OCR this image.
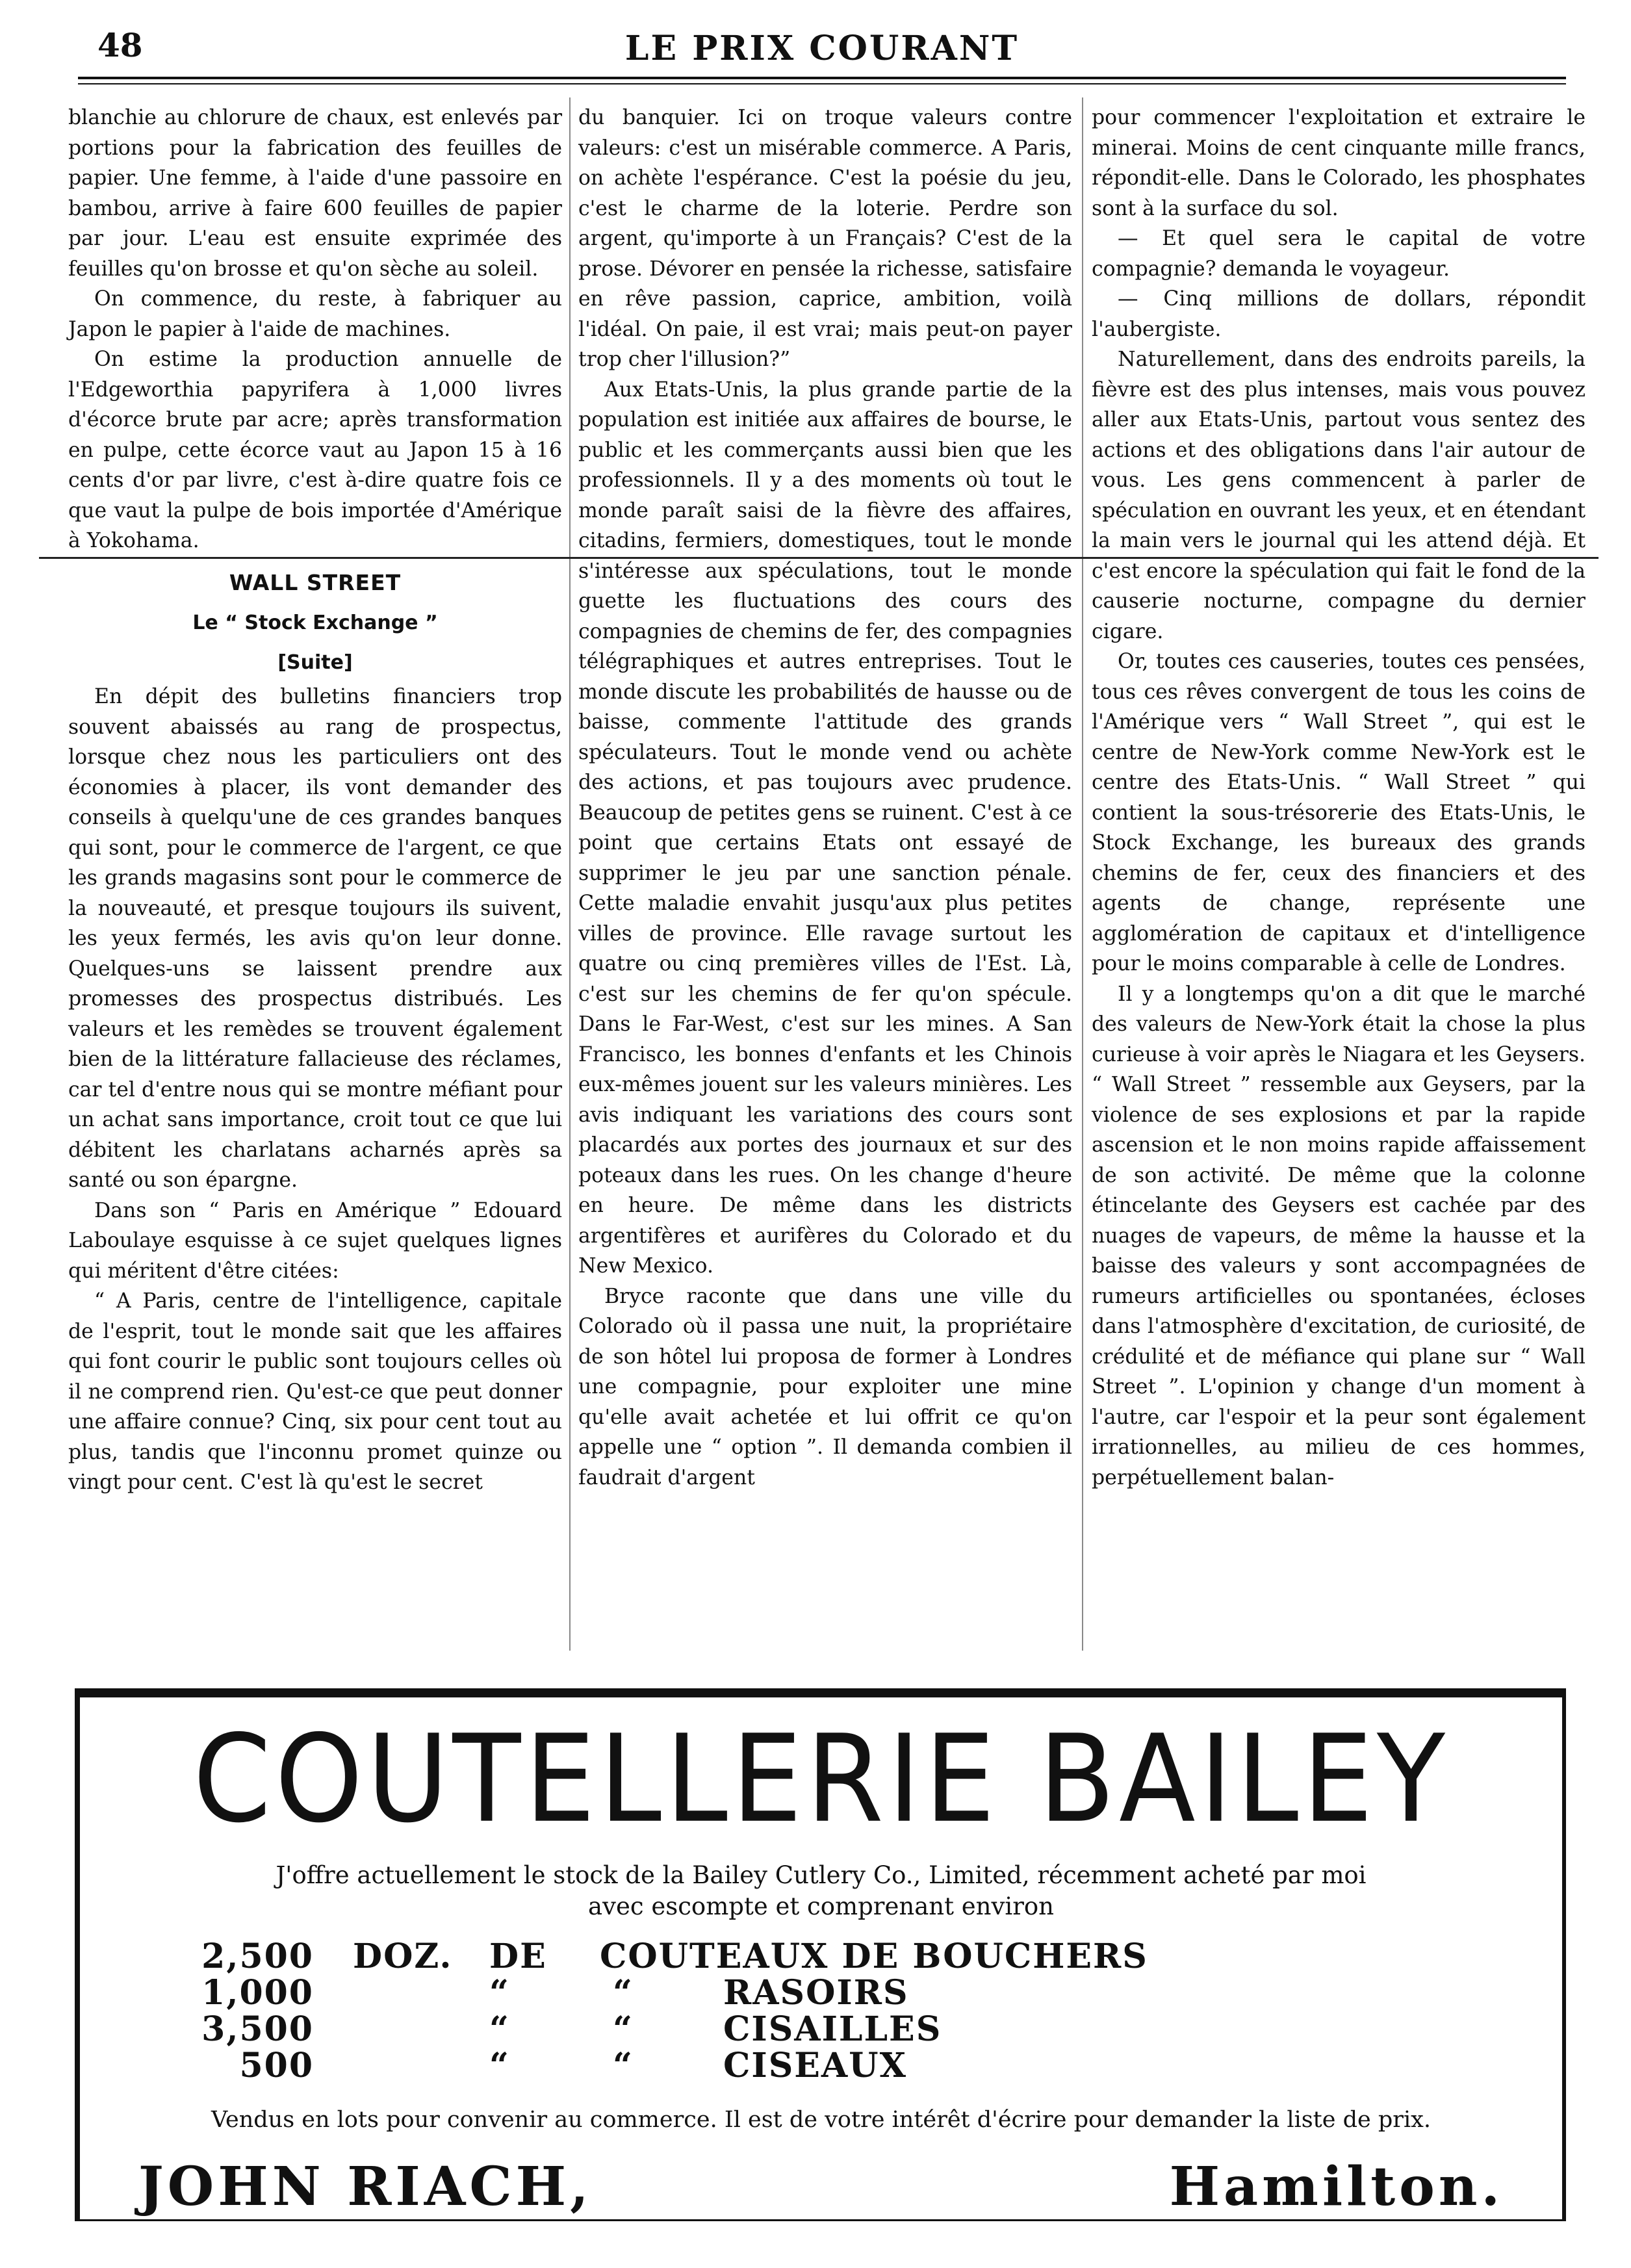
48	LE PRIX COURANT

blanchie au chlorure de chaux, est enlevés par portions pour la fabrication des feuilles de papier. Une femme, à l'aide d'une passoire en bambou, arrive à faire 600 feuilles de papier par jour. L'eau est ensuite exprimée des feuilles qu'on brosse et qu'on sèche au soleil.

On commence, du reste, à fabriquer au Japon le papier à l'aide de machines.

On estime la production annuelle de l'Edgeworthia papyrifera à 1,000 livres d'écorce brute par acre; après transformation en pulpe, cette écorce vaut au Japon 15 à 16 cents d'or par livre, c'est à-dire quatre fois ce que vaut la pulpe de bois importée d'Amérique à Yokohama.

WALL STREET
Le “ Stock Exchange ”
[Suite]

En dépit des bulletins financiers trop souvent abaissés au rang de prospectus, lorsque chez nous les particuliers ont des économies à placer, ils vont demander des conseils à quelqu'une de ces grandes banques qui sont, pour le commerce de l'argent, ce que les grands magasins sont pour le commerce de la nouveauté, et presque toujours ils suivent, les yeux fermés, les avis qu'on leur donne. Quelques-uns se laissent prendre aux promesses des prospectus distribués. Les valeurs et les remèdes se trouvent également bien de la littérature fallacieuse des réclames, car tel d'entre nous qui se montre méfiant pour un achat sans importance, croit tout ce que lui débitent les charlatans acharnés après sa santé ou son épargne.

Dans son “ Paris en Amérique ” Edouard Laboulaye esquisse à ce sujet quelques lignes qui méritent d'être citées:

“ A Paris, centre de l'intelligence, capitale de l'esprit, tout le monde sait que les affaires qui font courir le public sont toujours celles où il ne comprend rien. Qu'est-ce que peut donner une affaire connue? Cinq, six pour cent tout au plus, tandis que l'inconnu promet quinze ou vingt pour cent. C'est là qu'est le secret

du banquier. Ici on troque valeurs contre valeurs: c'est un misérable commerce. A Paris, on achète l'espérance. C'est la poésie du jeu, c'est le charme de la loterie. Perdre son argent, qu'importe à un Français? C'est de la prose. Dévorer en pensée la richesse, satisfaire en rêve passion, caprice, ambition, voilà l'idéal. On paie, il est vrai; mais peut-on payer trop cher l'illusion?”

Aux Etats-Unis, la plus grande partie de la population est initiée aux affaires de bourse, le public et les commerçants aussi bien que les professionnels. Il y a des moments où tout le monde paraît saisi de la fièvre des affaires, citadins, fermiers, domestiques, tout le monde s'intéresse aux spéculations, tout le monde guette les fluctuations des cours des compagnies de chemins de fer, des compagnies télégraphiques et autres entreprises. Tout le monde discute les probabilités de hausse ou de baisse, commente l'attitude des grands spéculateurs. Tout le monde vend ou achète des actions, et pas toujours avec prudence. Beaucoup de petites gens se ruinent. C'est à ce point que certains Etats ont essayé de supprimer le jeu par une sanction pénale. Cette maladie envahit jusqu'aux plus petites villes de province. Elle ravage surtout les quatre ou cinq premières villes de l'Est. Là, c'est sur les chemins de fer qu'on spécule. Dans le Far-West, c'est sur les mines. A San Francisco, les bonnes d'enfants et les Chinois eux-mêmes jouent sur les valeurs minières. Les avis indiquant les variations des cours sont placardés aux portes des journaux et sur des poteaux dans les rues. On les change d'heure en heure. De même dans les districts argentifères et aurifères du Colorado et du New Mexico.

Bryce raconte que dans une ville du Colorado où il passa une nuit, la propriétaire de son hôtel lui proposa de former à Londres une compagnie, pour exploiter une mine qu'elle avait achetée et lui offrit ce qu'on appelle une “ option ”. Il demanda combien il faudrait d'argent

pour commencer l'exploitation et extraire le minerai. Moins de cent cinquante mille francs, répondit-elle. Dans le Colorado, les phosphates sont à la surface du sol.

— Et quel sera le capital de votre compagnie? demanda le voyageur.

— Cinq millions de dollars, répondit l'aubergiste.

Naturellement, dans des endroits pareils, la fièvre est des plus intenses, mais vous pouvez aller aux Etats-Unis, partout vous sentez des actions et des obligations dans l'air autour de vous. Les gens commencent à parler de spéculation en ouvrant les yeux, et en étendant la main vers le journal qui les attend déjà. Et c'est encore la spéculation qui fait le fond de la causerie nocturne, compagne du dernier cigare.

Or, toutes ces causeries, toutes ces pensées, tous ces rêves convergent de tous les coins de l'Amérique vers “ Wall Street ”, qui est le centre de New-York comme New-York est le centre des Etats-Unis. “ Wall Street ” qui contient la sous-trésorerie des Etats-Unis, le Stock Exchange, les bureaux des grands chemins de fer, ceux des financiers et des agents de change, représente une agglomération de capitaux et d'intelligence pour le moins comparable à celle de Londres.

Il y a longtemps qu'on a dit que le marché des valeurs de New-York était la chose la plus curieuse à voir après le Niagara et les Geysers. “ Wall Street ” ressemble aux Geysers, par la violence de ses explosions et par la rapide ascension et le non moins rapide affaissement de son activité. De même que la colonne étincelante des Geysers est cachée par des nuages de vapeurs, de même la hausse et la baisse des valeurs y sont accompagnées de rumeurs artificielles ou spontanées, écloses dans l'atmosphère d'excitation, de curiosité, de crédulité et de méfiance qui plane sur “ Wall Street ”. L'opinion y change d'un moment à l'autre, car l'espoir et la peur sont également irrationnelles, au milieu de ces hommes, perpétuellement balan-

COUTELLERIE BAILEY
J'offre actuellement le stock de la Bailey Cutlery Co., Limited, récemment acheté par moi
avec escompte et comprenant environ
2,500 DOZ. DE COUTEAUX DE BOUCHERS
1,000	“	“	RASOIRS
3,500	“	“	CISAILLES
500	“	“	CISEAUX
Vendus en lots pour convenir au commerce. Il est de votre intérêt d'écrire pour demander la liste de prix.
JOHN RIACH,	Hamilton.
